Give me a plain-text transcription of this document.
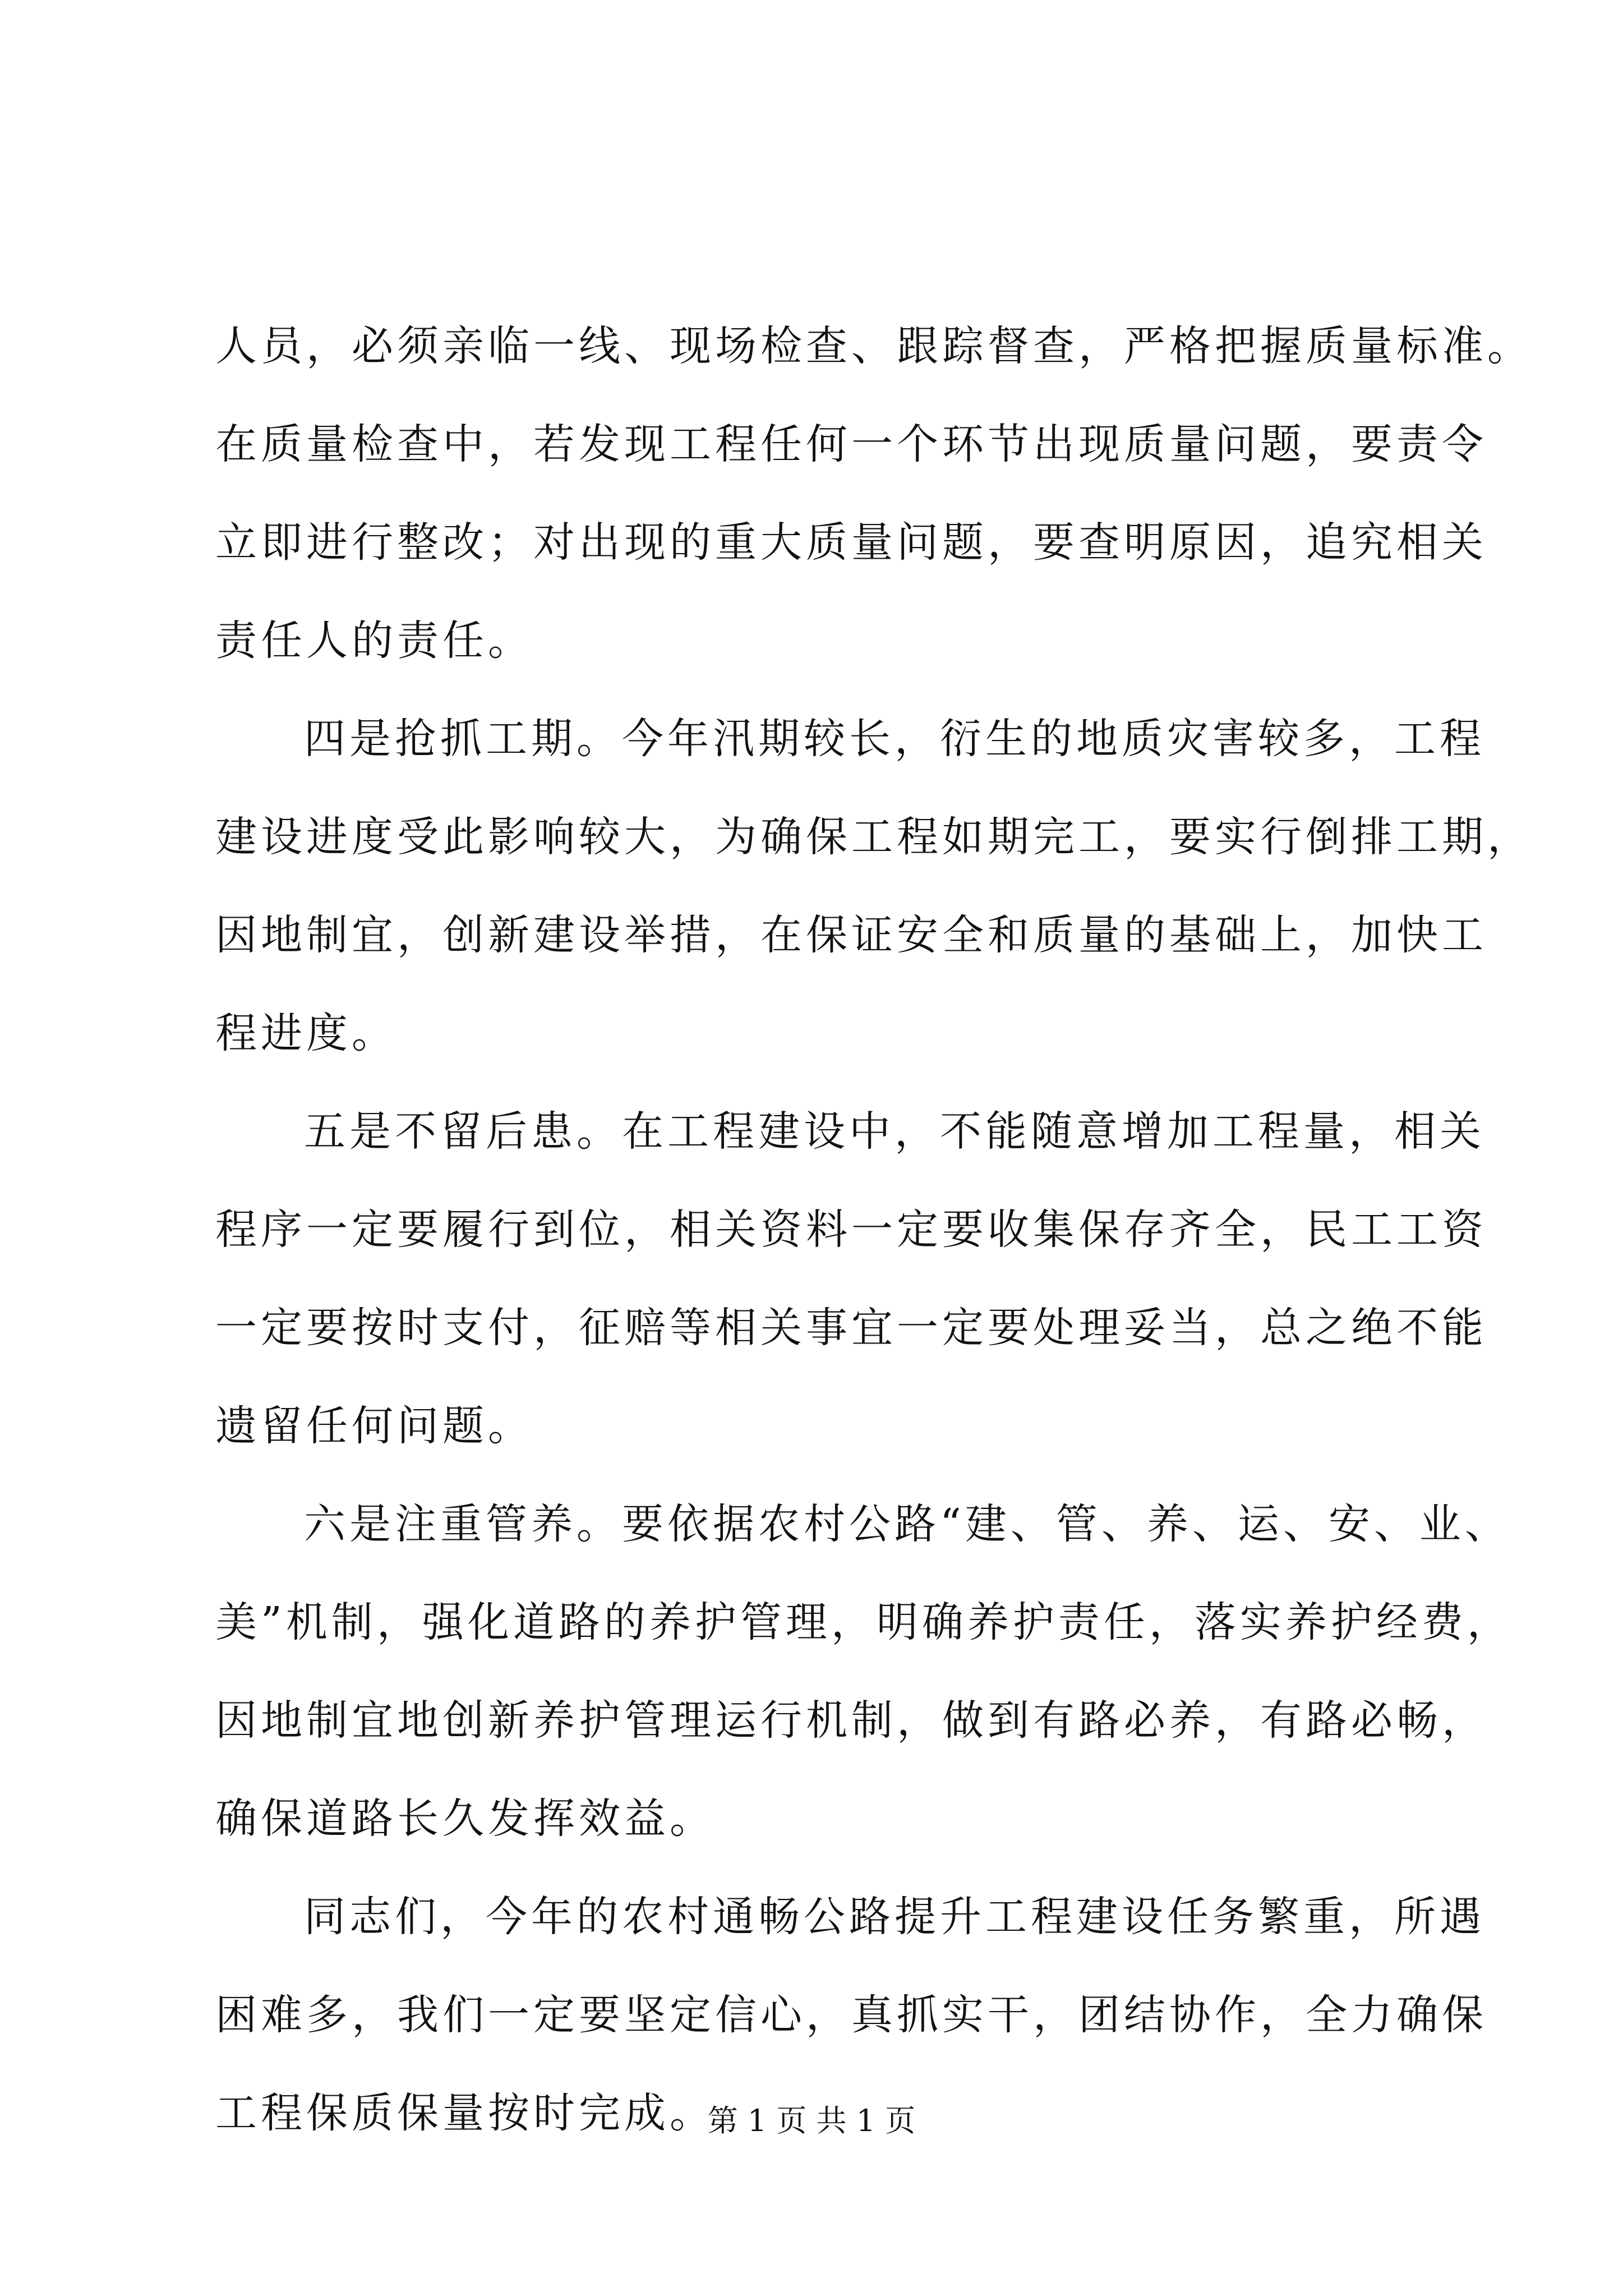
人员，必须亲临一线、现场检查、跟踪督查，严格把握质量标准。
在质量检查中，若发现工程任何一个环节出现质量问题，要责令
立即进行整改；对出现的重大质量问题，要查明原因，追究相关
责任人的责任。
四是抢抓工期。今年汛期较长，衍生的地质灾害较多，工程
建设进度受此影响较大，为确保工程如期完工，要实行倒排工期，
因地制宜，创新建设举措，在保证安全和质量的基础上，加快工
程进度。
五是不留后患。在工程建设中，不能随意增加工程量，相关
程序一定要履行到位，相关资料一定要收集保存齐全，民工工资
一定要按时支付，征赔等相关事宜一定要处理妥当，总之绝不能
遗留任何问题。
六是注重管养。要依据农村公路“建、管、养、运、安、业、
美”机制，强化道路的养护管理，明确养护责任，落实养护经费，
因地制宜地创新养护管理运行机制，做到有路必养，有路必畅，
确保道路长久发挥效益。
同志们，今年的农村通畅公路提升工程建设任务繁重，所遇
困难多，我们一定要坚定信心，真抓实干，团结协作，全力确保
工程保质保量按时完成。
第 1 页 共 1 页
